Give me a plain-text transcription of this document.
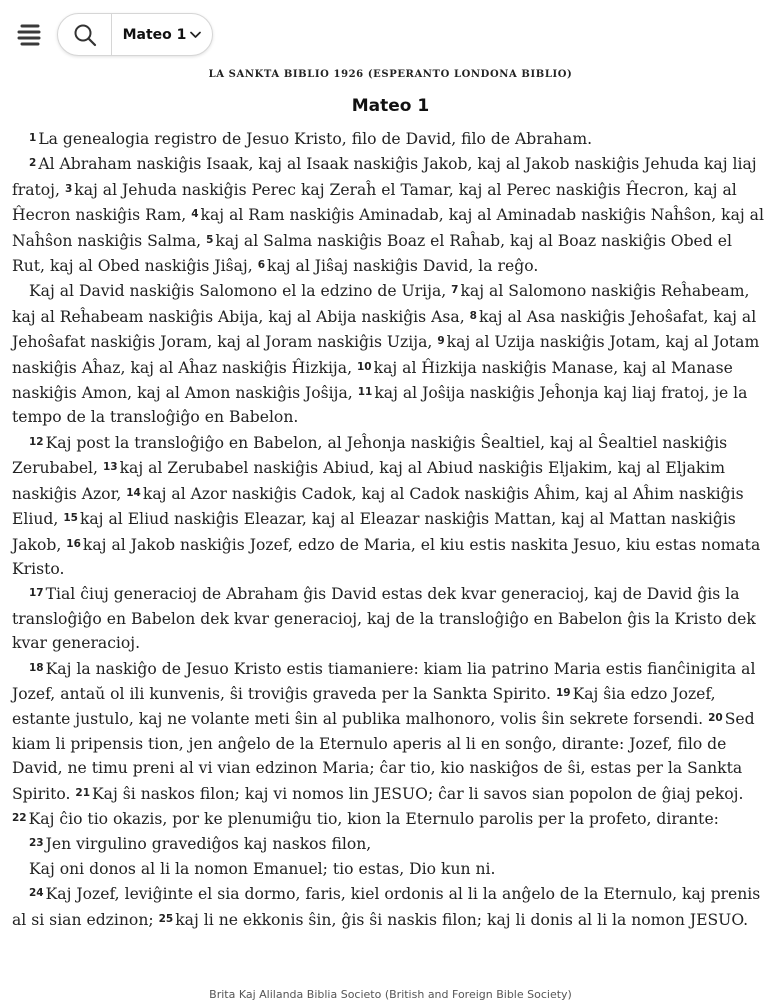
Mateo 1
LA SANKTA BIBLIO 1926 (ESPERANTO LONDONA BIBLIO)
Mateo 1

1 La genealogia registro de Jesuo Kristo, filo de David, filo de Abraham.

2 Al Abraham naskiĝis Isaak, kaj al Isaak naskiĝis Jakob, kaj al Jakob naskiĝis Jehuda kaj liaj fratoj, 3 kaj al Jehuda naskiĝis Perec kaj Zeraĥ el Tamar, kaj al Perec naskiĝis Ĥecron, kaj al Ĥecron naskiĝis Ram, 4 kaj al Ram naskiĝis Aminadab, kaj al Aminadab naskiĝis Naĥŝon, kaj al Naĥŝon naskiĝis Salma, 5 kaj al Salma naskiĝis Boaz el Raĥab, kaj al Boaz naskiĝis Obed el Rut, kaj al Obed naskiĝis Jiŝaj, 6 kaj al Jiŝaj naskiĝis David, la reĝo.

Kaj al David naskiĝis Salomono el la edzino de Urija, 7 kaj al Salomono naskiĝis Reĥabeam, kaj al Reĥabeam naskiĝis Abija, kaj al Abija naskiĝis Asa, 8 kaj al Asa naskiĝis Jehoŝafat, kaj al Jehoŝafat naskiĝis Joram, kaj al Joram naskiĝis Uzija, 9 kaj al Uzija naskiĝis Jotam, kaj al Jotam naskiĝis Aĥaz, kaj al Aĥaz naskiĝis Ĥizkija, 10 kaj al Ĥizkija naskiĝis Manase, kaj al Manase naskiĝis Amon, kaj al Amon naskiĝis Joŝija, 11 kaj al Joŝija naskiĝis Jeĥonja kaj liaj fratoj, je la tempo de la transloĝiĝo en Babelon.

12 Kaj post la transloĝiĝo en Babelon, al Jeĥonja naskiĝis Ŝealtiel, kaj al Ŝealtiel naskiĝis Zerubabel, 13 kaj al Zerubabel naskiĝis Abiud, kaj al Abiud naskiĝis Eljakim, kaj al Eljakim naskiĝis Azor, 14 kaj al Azor naskiĝis Cadok, kaj al Cadok naskiĝis Aĥim, kaj al Aĥim naskiĝis Eliud, 15 kaj al Eliud naskiĝis Eleazar, kaj al Eleazar naskiĝis Mattan, kaj al Mattan naskiĝis Jakob, 16 kaj al Jakob naskiĝis Jozef, edzo de Maria, el kiu estis naskita Jesuo, kiu estas nomata Kristo.

17 Tial ĉiuj generacioj de Abraham ĝis David estas dek kvar generacioj, kaj de David ĝis la transloĝiĝo en Babelon dek kvar generacioj, kaj de la transloĝiĝo en Babelon ĝis la Kristo dek kvar generacioj.

18 Kaj la naskiĝo de Jesuo Kristo estis tiamaniere: kiam lia patrino Maria estis fianĉinigita al Jozef, antaŭ ol ili kunvenis, ŝi troviĝis graveda per la Sankta Spirito. 19 Kaj ŝia edzo Jozef, estante justulo, kaj ne volante meti ŝin al publika malhonoro, volis ŝin sekrete forsendi. 20 Sed kiam li pripensis tion, jen anĝelo de la Eternulo aperis al li en sonĝo, dirante: Jozef, filo de David, ne timu preni al vi vian edzinon Maria; ĉar tio, kio naskiĝos de ŝi, estas per la Sankta Spirito. 21 Kaj ŝi naskos filon; kaj vi nomos lin JESUO; ĉar li savos sian popolon de ĝiaj pekoj. 22 Kaj ĉio tio okazis, por ke plenumiĝu tio, kion la Eternulo parolis per la profeto, dirante:

23 Jen virgulino gravediĝos kaj naskos filon,

Kaj oni donos al li la nomon Emanuel; tio estas, Dio kun ni.

24 Kaj Jozef, leviĝinte el sia dormo, faris, kiel ordonis al li la anĝelo de la Eternulo, kaj prenis al si sian edzinon; 25 kaj li ne ekkonis ŝin, ĝis ŝi naskis filon; kaj li donis al li la nomon JESUO.

Brita Kaj Alilanda Biblia Societo (British and Foreign Bible Society)
